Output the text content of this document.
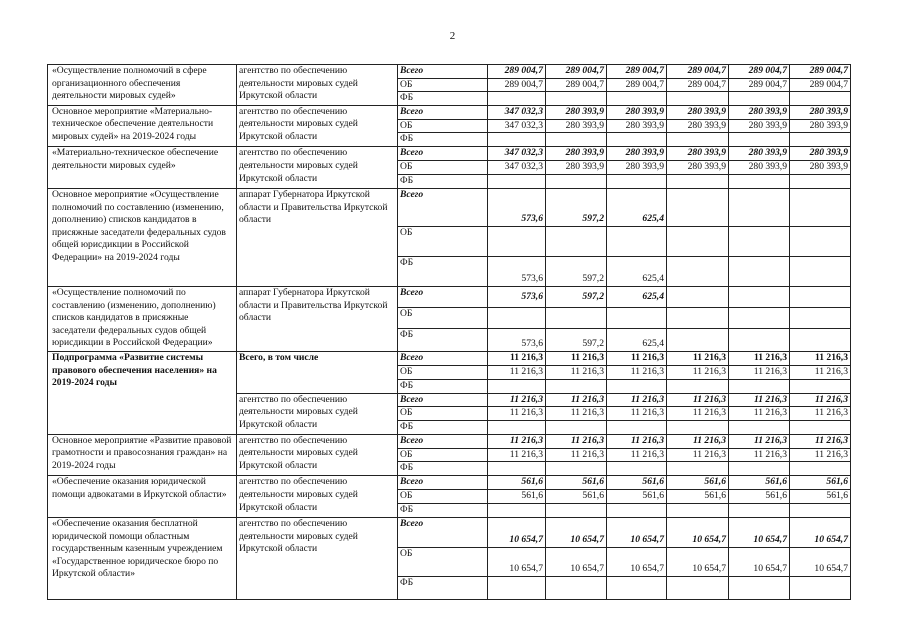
2
«Осуществление полномочий в сфере организационного обеспечения деятельности мировых судей»	агентство по обеспечению деятельности мировых судей Иркутской области	Всего	289 004,7	289 004,7	289 004,7	289 004,7	289 004,7	289 004,7
		ОБ	289 004,7	289 004,7	289 004,7	289 004,7	289 004,7	289 004,7
		ФБ						
Основное мероприятие «Материально-техническое обеспечение деятельности мировых судей» на 2019-2024 годы	агентство по обеспечению деятельности мировых судей Иркутской области	Всего	347 032,3	280 393,9	280 393,9	280 393,9	280 393,9	280 393,9
		ОБ	347 032,3	280 393,9	280 393,9	280 393,9	280 393,9	280 393,9
		ФБ						
«Материально-техническое обеспечение деятельности мировых судей»	агентство по обеспечению деятельности мировых судей Иркутской области	Всего	347 032,3	280 393,9	280 393,9	280 393,9	280 393,9	280 393,9
		ОБ	347 032,3	280 393,9	280 393,9	280 393,9	280 393,9	280 393,9
		ФБ						
Основное мероприятие «Осуществление полномочий по составлению (изменению, дополнению) списков кандидатов в присяжные заседатели федеральных судов общей юрисдикции в Российской Федерации» на 2019-2024 годы	аппарат Губернатора Иркутской области и Правительства Иркутской области	Всего	573,6	597,2	625,4			
		ОБ						
		ФБ	573,6	597,2	625,4			
«Осуществление полномочий по составлению (изменению, дополнению) списков кандидатов в присяжные заседатели федеральных судов общей юрисдикции в Российской Федерации»	аппарат Губернатора Иркутской области и Правительства Иркутской области	Всего	573,6	597,2	625,4			
		ОБ						
		ФБ	573,6	597,2	625,4			
Подпрограмма «Развитие системы правового обеспечения населения» на 2019-2024 годы	Всего, в том числе	Всего	11 216,3	11 216,3	11 216,3	11 216,3	11 216,3	11 216,3
		ОБ	11 216,3	11 216,3	11 216,3	11 216,3	11 216,3	11 216,3
		ФБ						
	агентство по обеспечению деятельности мировых судей Иркутской области	Всего	11 216,3	11 216,3	11 216,3	11 216,3	11 216,3	11 216,3
		ОБ	11 216,3	11 216,3	11 216,3	11 216,3	11 216,3	11 216,3
		ФБ						
Основное мероприятие «Развитие правовой грамотности и правосознания граждан» на 2019-2024 годы	агентство по обеспечению деятельности мировых судей Иркутской области	Всего	11 216,3	11 216,3	11 216,3	11 216,3	11 216,3	11 216,3
		ОБ	11 216,3	11 216,3	11 216,3	11 216,3	11 216,3	11 216,3
		ФБ						
«Обеспечение оказания юридической помощи адвокатами в Иркутской области»	агентство по обеспечению деятельности мировых судей Иркутской области	Всего	561,6	561,6	561,6	561,6	561,6	561,6
		ОБ	561,6	561,6	561,6	561,6	561,6	561,6
		ФБ						
«Обеспечение оказания бесплатной юридической помощи областным государственным казенным учреждением «Государственное юридическое бюро по Иркутской области»	агентство по обеспечению деятельности мировых судей Иркутской области	Всего	10 654,7	10 654,7	10 654,7	10 654,7	10 654,7	10 654,7
		ОБ	10 654,7	10 654,7	10 654,7	10 654,7	10 654,7	10 654,7
		ФБ						
